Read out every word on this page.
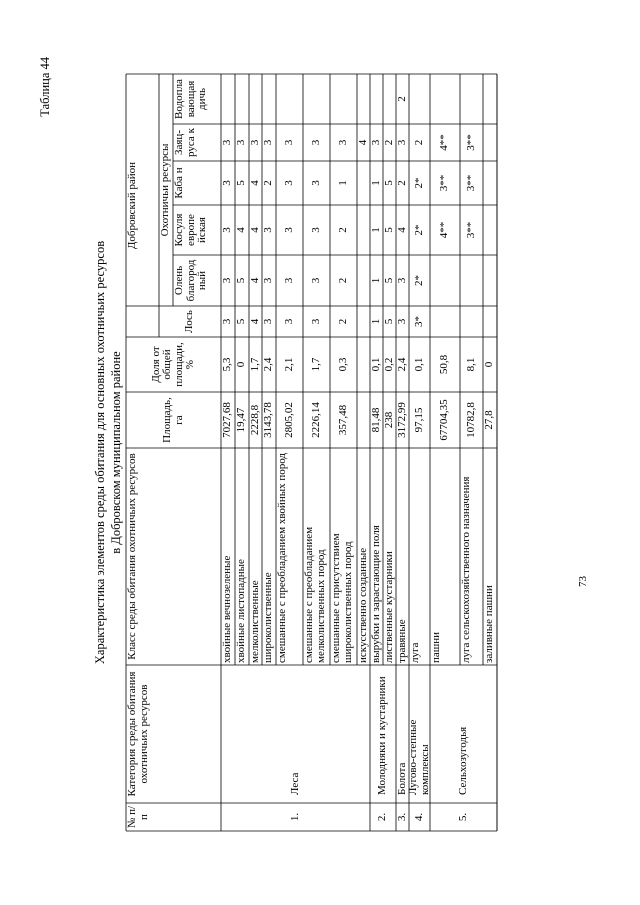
Характеристика элементов среды обитания для основных охотничьих ресурсов в Добровском муниципальном районе
Таблица 44
73
№ п/п
Категория среды обитания охотничьих ресурсов
Класс среды обитания охотничьих ресурсов
Площадь, га
Доля от общей площади, %
Добровский район	Охотничьи ресурсы
Лось
Олень благород ный
Косуля европе йская
Каба н
Заяц- руса к
Водопла вающая дичь
1.
Леса
2.
Молодняки и кустарники
3.
Болота
4.
Лугово-степные комплексы
5.
Сельхозугодья
хвойные вечнозеленые
7027,68
5,3
3
3
3
3
3
хвойные листопадные
19,47
0
5
5
4
5
3
мелколиственные
2228,8
1,7
4
4
4
4
3
широколиственные
3143,78
2,4
3
3
3
2
3
смешанные с преобладанием хвойных пород
2805,02
2,1
3
3
3
3
3
смешанные с преобладанием мелколиственных пород
2226,14
1,7
3
3
3
3
3
смешанные с присутствием широколиственных пород
357,48
0,3
2
2
2
1
3
искусственно созданные
4
вырубки и зарастающие поля
81,48
0,1
1
1
1
1
3
лиственные кустарники
238
0,2
5
5
5
5
2
травяные
3172,99
2,4
3
3
4
2
3
2
луга
97,15
0,1
3*
2*
2*
2*
2
пашни
67704,35
50,8
4**
3**
4**
луга сельскохозяйственного назначения
10782,8
8,1
3**
3**
3**
заливные пашни
27,8
0
